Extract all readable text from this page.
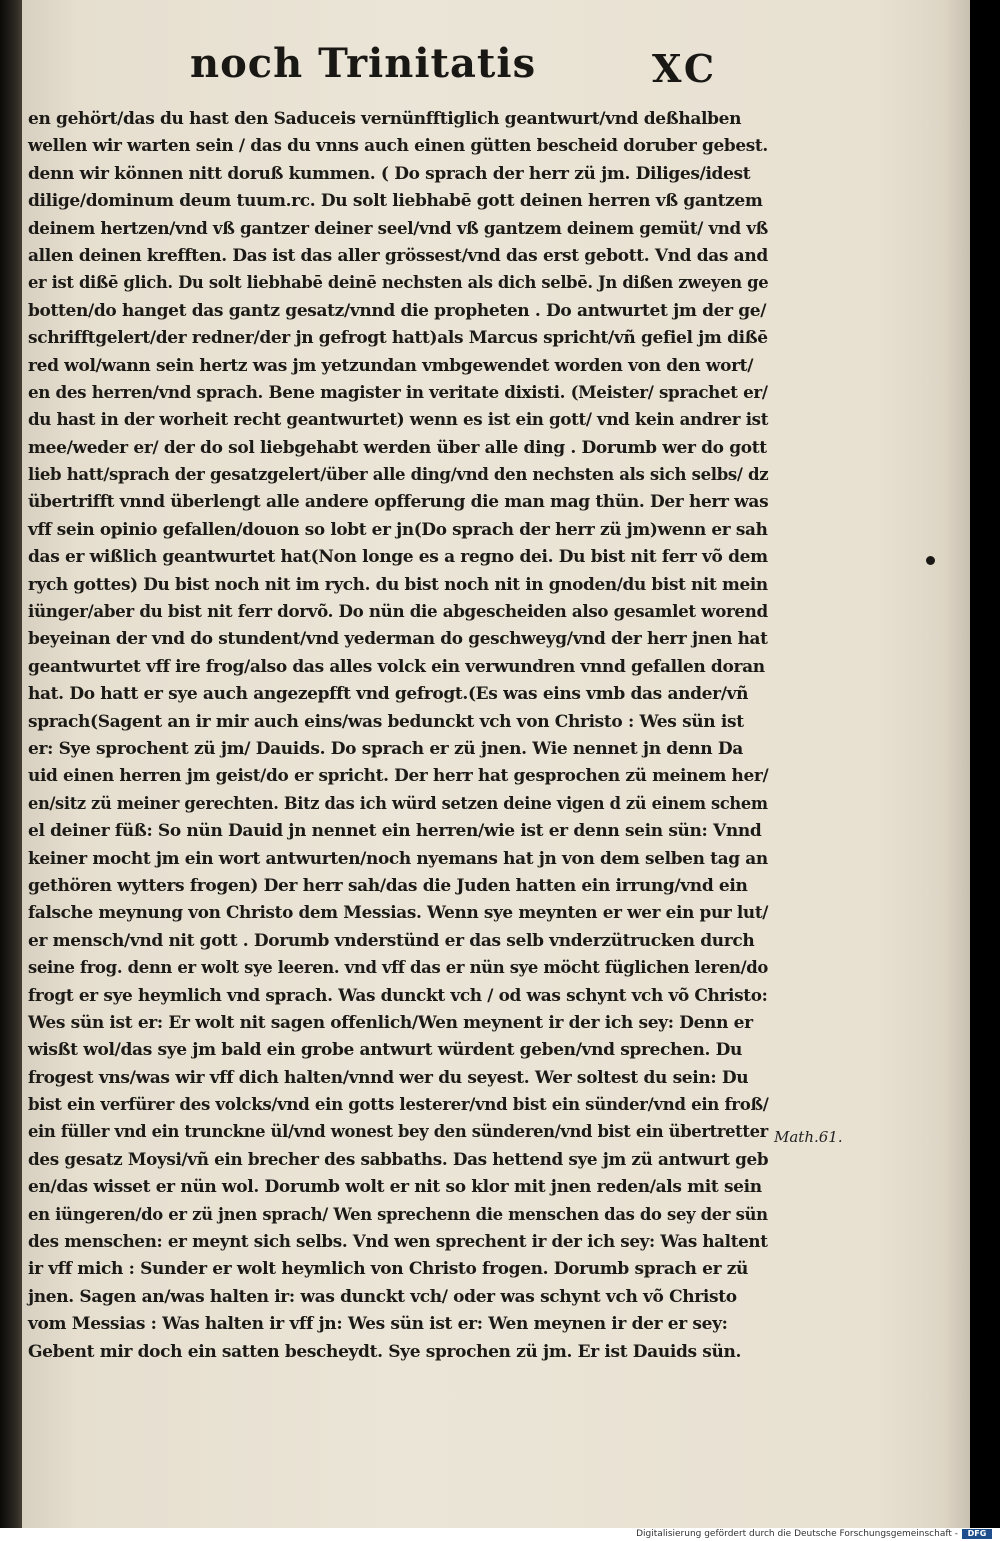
noch Trinitatis	XC
en gehört/das du hast den Saduceis vernünfftiglich geantwurt/vnd deßhalben
wellen wir warten sein / das du vnns auch einen gütten bescheid doruber gebest.
denn wir können nitt doruß kummen. ( Do sprach der herr zü jm. Diliges/idest
dilige/dominum deum tuum.rc. Du solt liebhabē gott deinen herren vß gantzem
deinem hertzen/vnd vß gantzer deiner seel/vnd vß gantzem deinem gemüt/ vnd vß
allen deinen krefften. Das ist das aller grössest/vnd das erst gebott. Vnd das and
er ist dißē glich. Du solt liebhabē deinē nechsten als dich selbē. Jn dißen zweyen ge
botten/do hanget das gantz gesatz/vnnd die propheten . Do antwurtet jm der ge/
schrifftgelert/der redner/der jn gefrogt hatt)als Marcus spricht/vñ gefiel jm dißē
red wol/wann sein hertz was jm yetzundan vmbgewendet worden von den wort/
en des herren/vnd sprach. Bene magister in veritate dixisti. (Meister/ sprachet er/
du hast in der worheit recht geantwurtet) wenn es ist ein gott/ vnd kein andrer ist
mee/weder er/ der do sol liebgehabt werden über alle ding . Dorumb wer do gott
lieb hatt/sprach der gesatzgelert/über alle ding/vnd den nechsten als sich selbs/ dz
übertrifft vnnd überlengt alle andere opfferung die man mag thün. Der herr was
vff sein opinio gefallen/douon so lobt er jn(Do sprach der herr zü jm)wenn er sah
das er wißlich geantwurtet hat(Non longe es a regno dei. Du bist nit ferr võ dem
rych gottes) Du bist noch nit im rych. du bist noch nit in gnoden/du bist nit mein
iünger/aber du bist nit ferr dorvõ. Do nün die abgescheiden also gesamlet worend
beyeinan der vnd do stundent/vnd yederman do geschweyg/vnd der herr jnen hat
geantwurtet vff ire frog/also das alles volck ein verwundren vnnd gefallen doran
hat. Do hatt er sye auch angezepfft vnd gefrogt.(Es was eins vmb das ander/vñ
sprach(Sagent an ir mir auch eins/was bedunckt vch von Christo : Wes sün ist
er: Sye sprochent zü jm/ Dauids. Do sprach er zü jnen. Wie nennet jn denn Da
uid einen herren jm geist/do er spricht. Der herr hat gesprochen zü meinem her/
en/sitz zü meiner gerechten. Bitz das ich würd setzen deine vigen d zü einem schem
el deiner füß: So nün Dauid jn nennet ein herren/wie ist er denn sein sün: Vnnd
keiner mocht jm ein wort antwurten/noch nyemans hat jn von dem selben tag an
gethören wytters frogen) Der herr sah/das die Juden hatten ein irrung/vnd ein
falsche meynung von Christo dem Messias. Wenn sye meynten er wer ein pur lut/
er mensch/vnd nit gott . Dorumb vnderstünd er das selb vnderzütrucken durch
seine frog. denn er wolt sye leeren. vnd vff das er nün sye möcht füglichen leren/do
frogt er sye heymlich vnd sprach. Was dunckt vch / od was schynt vch võ Christo:
Wes sün ist er: Er wolt nit sagen offenlich/Wen meynent ir der ich sey: Denn er
wisßt wol/das sye jm bald ein grobe antwurt würdent geben/vnd sprechen. Du
frogest vns/was wir vff dich halten/vnnd wer du seyest. Wer soltest du sein: Du
bist ein verfürer des volcks/vnd ein gotts lesterer/vnd bist ein sünder/vnd ein froß/
ein füller vnd ein trunckne ül/vnd wonest bey den sünderen/vnd bist ein übertretter
des gesatz Moysi/vñ ein brecher des sabbaths. Das hettend sye jm zü antwurt geb
en/das wisset er nün wol. Dorumb wolt er nit so klor mit jnen reden/als mit sein
en iüngeren/do er zü jnen sprach/ Wen sprechenn die menschen das do sey der sün
des menschen: er meynt sich selbs. Vnd wen sprechent ir der ich sey: Was haltent
ir vff mich : Sunder er wolt heymlich von Christo frogen. Dorumb sprach er zü
jnen. Sagen an/was halten ir: was dunckt vch/ oder was schynt vch võ Christo
vom Messias : Was halten ir vff jn: Wes sün ist er: Wen meynen ir der er sey:
Gebent mir doch ein satten bescheydt. Sye sprochen zü jm. Er ist Dauids sün.
Math.61.
Digitalisierung gefördert durch die Deutsche Forschungsgemeinschaft -	DFG
